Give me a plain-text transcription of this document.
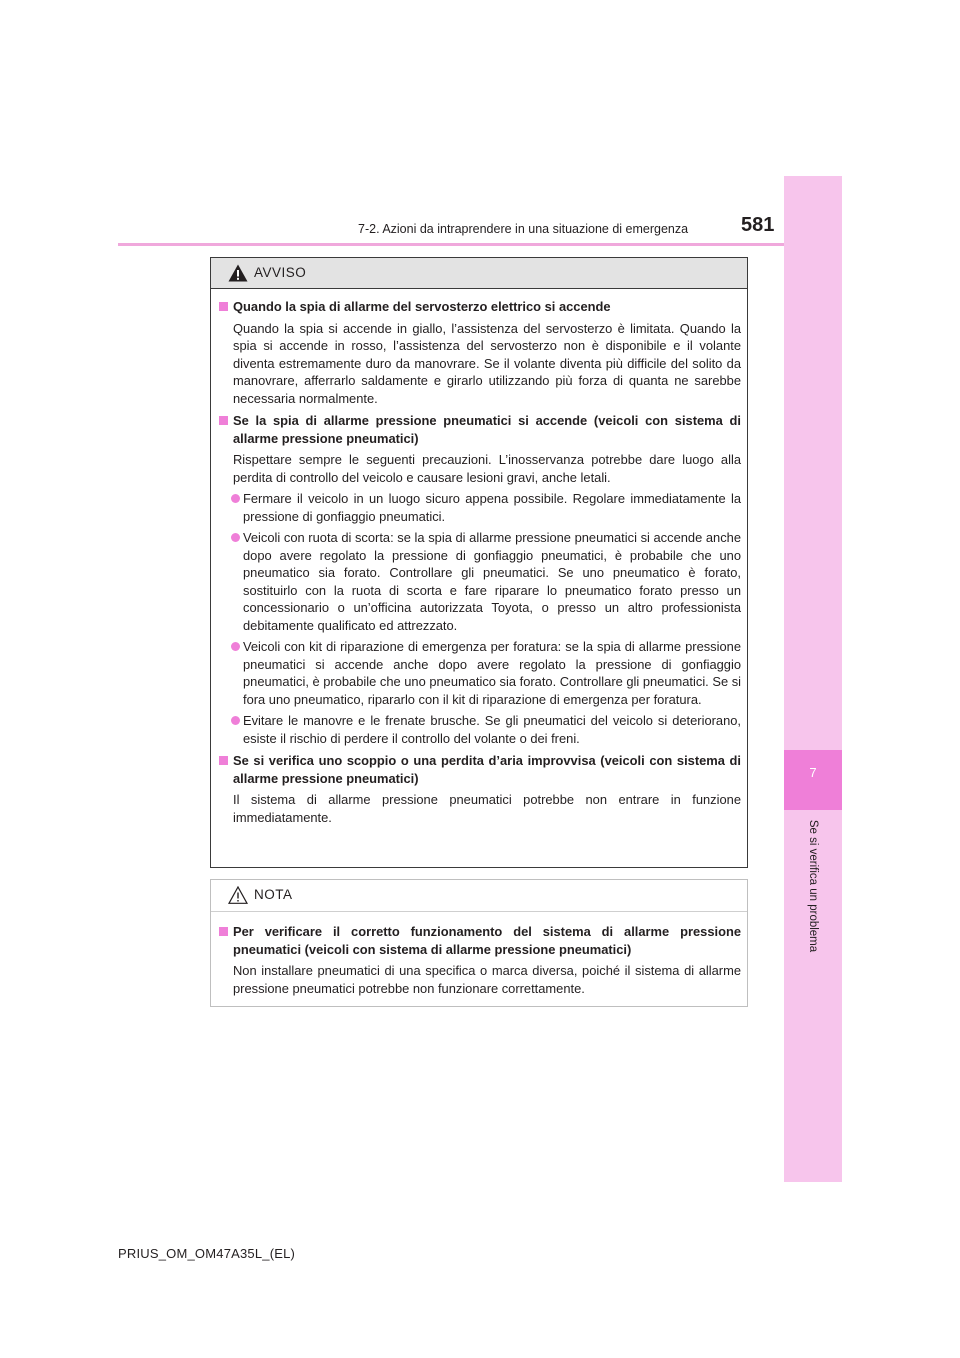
7-2. Azioni da intraprendere in una situazione di emergenza	581
7
Se si verifica un problema
AVVISO
Quando la spia di allarme del servosterzo elettrico si accende
Quando la spia si accende in giallo, l’assistenza del servosterzo è limitata. Quando la spia si accende in rosso, l’assistenza del servosterzo non è disponibile e il volante diventa estremamente duro da manovrare. Se il volante diventa più difficile del solito da manovrare, afferrarlo saldamente e girarlo utilizzando più forza di quanta ne sarebbe necessaria normalmente.
Se la spia di allarme pressione pneumatici si accende (veicoli con sistema di allarme pressione pneumatici)
Rispettare sempre le seguenti precauzioni. L’inosservanza potrebbe dare luogo alla perdita di controllo del veicolo e causare lesioni gravi, anche letali.
Fermare il veicolo in un luogo sicuro appena possibile. Regolare immediatamente la pressione di gonfiaggio pneumatici.
Veicoli con ruota di scorta: se la spia di allarme pressione pneumatici si accende anche dopo avere regolato la pressione di gonfiaggio pneumatici, è probabile che uno pneumatico sia forato. Controllare gli pneumatici. Se uno pneumatico è forato, sostituirlo con la ruota di scorta e fare riparare lo pneumatico forato presso un concessionario o un’officina autorizzata Toyota, o presso un altro professionista debitamente qualificato ed attrezzato.
Veicoli con kit di riparazione di emergenza per foratura: se la spia di allarme pressione pneumatici si accende anche dopo avere regolato la pressione di gonfiaggio pneumatici, è probabile che uno pneumatico sia forato. Controllare gli pneumatici. Se si fora uno pneumatico, ripararlo con il kit di riparazione di emergenza per foratura.
Evitare le manovre e le frenate brusche. Se gli pneumatici del veicolo si deteriorano, esiste il rischio di perdere il controllo del volante o dei freni.
Se si verifica uno scoppio o una perdita d’aria improvvisa (veicoli con sistema di allarme pressione pneumatici)
Il sistema di allarme pressione pneumatici potrebbe non entrare in funzione immediatamente.
NOTA
Per verificare il corretto funzionamento del sistema di allarme pressione pneumatici (veicoli con sistema di allarme pressione pneumatici)
Non installare pneumatici di una specifica o marca diversa, poiché il sistema di allarme pressione pneumatici potrebbe non funzionare correttamente.
PRIUS_OM_OM47A35L_(EL)
